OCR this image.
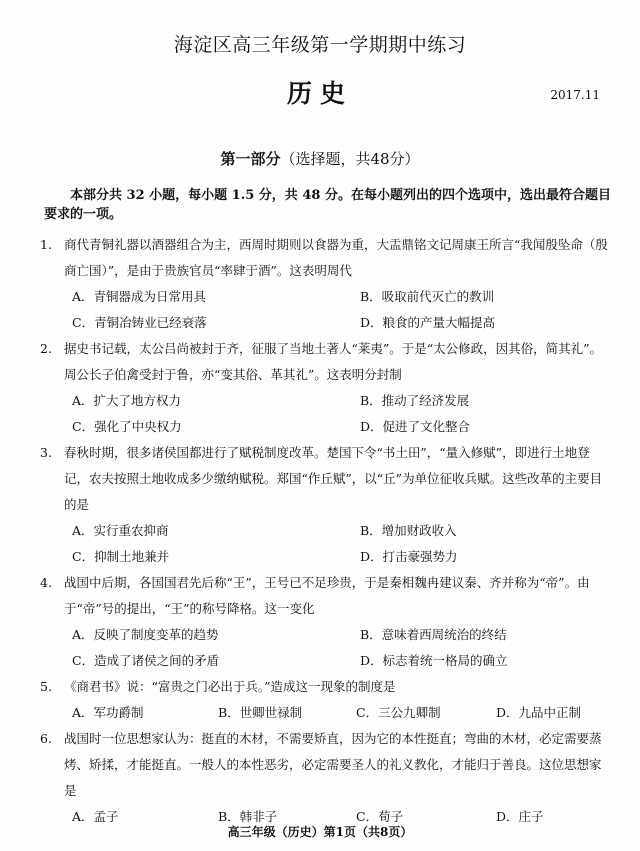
海淀区高三年级第一学期期中练习
历史	2017.11
第一部分（选择题，共48分）
本部分共 32 小题，每小题 1.5 分，共 48 分。在每小题列出的四个选项中，选出最符合题目要求的一项。
1. 商代青铜礼器以酒器组合为主，西周时期则以食器为重，大盂鼎铭文记周康王所言“我闻殷坠命（殷商亡国）”，是由于贵族官员“率肆于酒”。这表明周代
A．青铜器成为日常用具	B．吸取前代灭亡的教训
C．青铜冶铸业已经衰落	D．粮食的产量大幅提高
2. 据史书记载，太公吕尚被封于齐，征服了当地土著人“莱夷”。于是“太公修政，因其俗，简其礼”。周公长子伯禽受封于鲁，亦“变其俗、革其礼”。这表明分封制
A．扩大了地方权力	B．推动了经济发展
C．强化了中央权力	D．促进了文化整合
3. 春秋时期，很多诸侯国都进行了赋税制度改革。楚国下令“书土田”，“量入修赋”，即进行土地登记，农夫按照土地收成多少缴纳赋税。郑国“作丘赋”，以“丘”为单位征收兵赋。这些改革的主要目的是
A．实行重农抑商	B．增加财政收入
C．抑制土地兼并	D．打击豪强势力
4. 战国中后期，各国国君先后称“王”，王号已不足珍贵，于是秦相魏冉建议秦、齐并称为“帝”。由于“帝”号的提出，“王”的称号降格。这一变化
A．反映了制度变革的趋势	B．意味着西周统治的终结
C．造成了诸侯之间的矛盾	D．标志着统一格局的确立
5. 《商君书》说：“富贵之门必出于兵。”造成这一现象的制度是
A．军功爵制	B．世卿世禄制	C．三公九卿制	D．九品中正制
6. 战国时一位思想家认为：挺直的木材，不需要矫直，因为它的本性挺直；弯曲的木材，必定需要蒸烤、矫揉，才能挺直。一般人的本性恶劣，必定需要圣人的礼义教化，才能归于善良。这位思想家是
A．孟子	B．韩非子	C．荀子	D．庄子
高三年级（历史）第1页（共8页）
